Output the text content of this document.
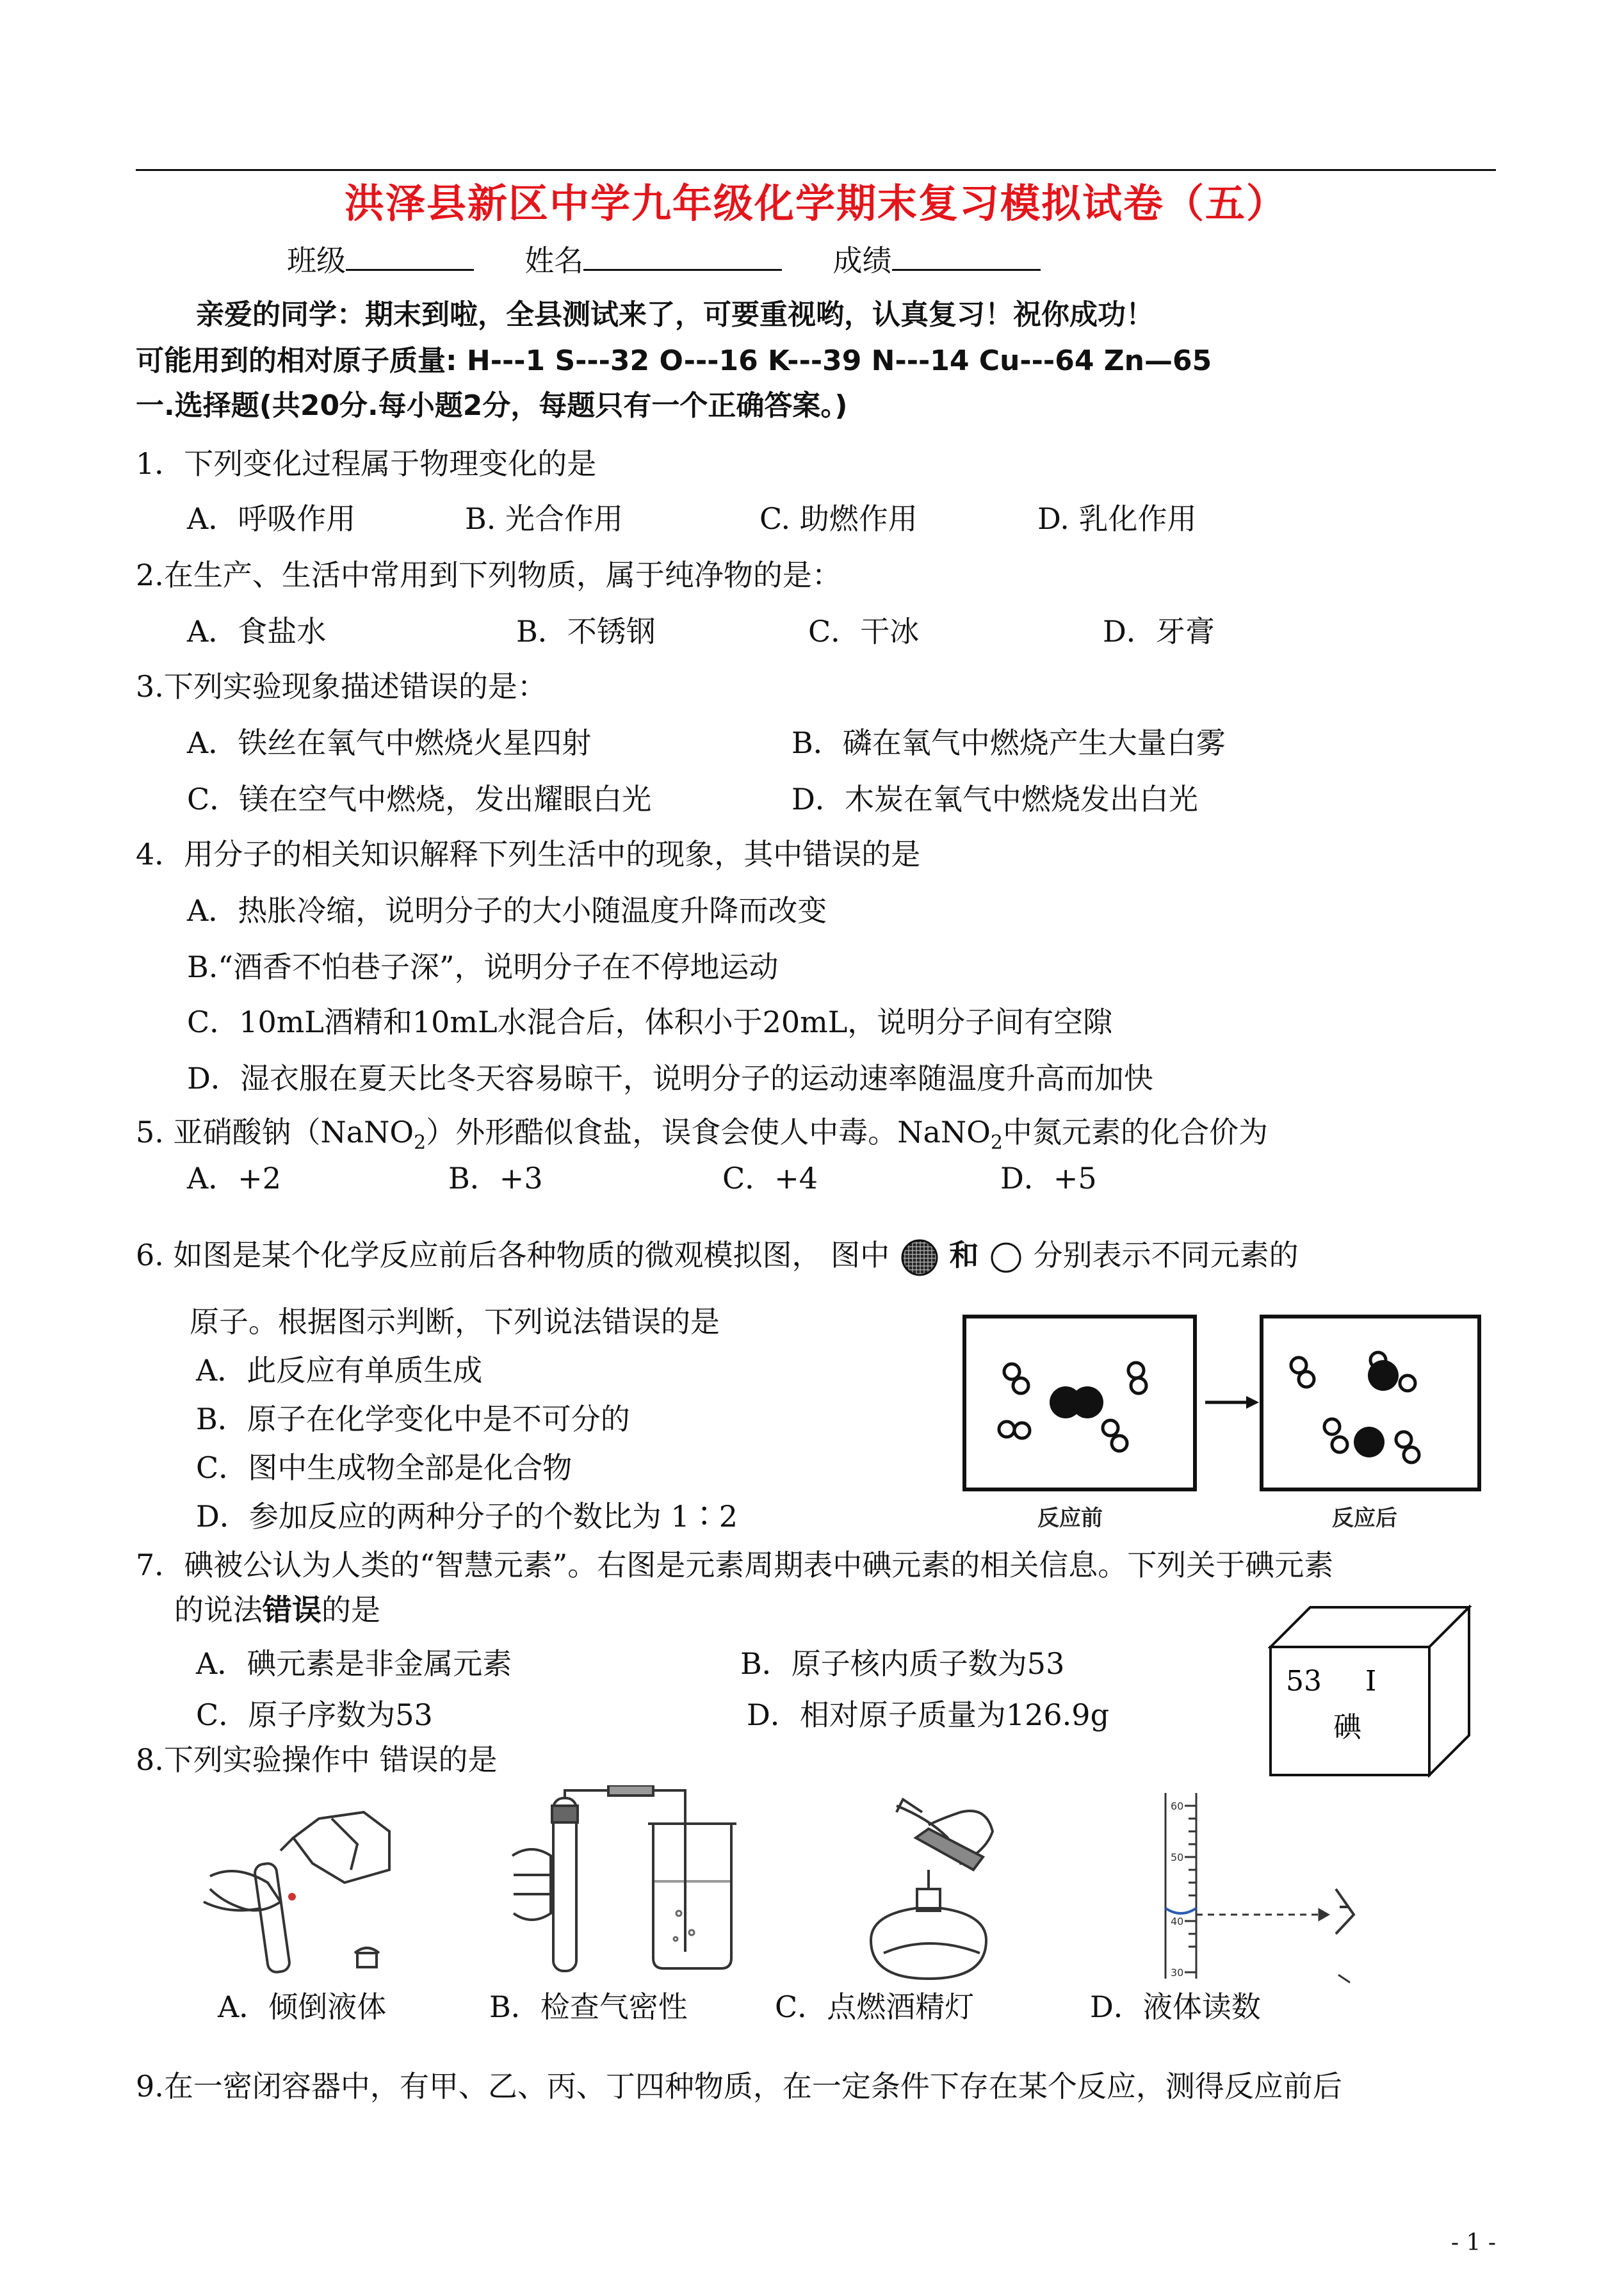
洪泽县新区中学九年级化学期末复习模拟试卷（五）
班级	姓名	成绩
亲爱的同学：期末到啦，全县测试来了，可要重视哟，认真复习！祝你成功！
可能用到的相对原子质量: H---1 S---32 O---16 K---39 N---14 Cu---64 Zn—65
一.选择题(共20分.每小题2分，每题只有一个正确答案。)
1．下列变化过程属于物理变化的是
A．呼吸作用	B. 光合作用	C. 助燃作用	D. 乳化作用
2.在生产、生活中常用到下列物质，属于纯净物的是：
A．食盐水	B．不锈钢	C．干冰	D．牙膏
3.下列实验现象描述错误的是：
A．铁丝在氧气中燃烧火星四射	B．磷在氧气中燃烧产生大量白雾
C．镁在空气中燃烧，发出耀眼白光	D．木炭在氧气中燃烧发出白光
4．用分子的相关知识解释下列生活中的现象，其中错误的是
A．热胀冷缩，说明分子的大小随温度升降而改变
B.“酒香不怕巷子深”，说明分子在不停地运动
C．10mL酒精和10mL水混合后，体积小于20mL，说明分子间有空隙
D．湿衣服在夏天比冬天容易晾干，说明分子的运动速率随温度升高而加快
5. 亚硝酸钠（NaNO$_2$）外形酷似食盐，误食会使人中毒。NaNO$_2$中氮元素的化合价为
A．+2	B．+3	C．+4	D．+5
6. 如图是某个化学反应前后各种物质的微观模拟图， 图中 和 分别表示不同元素的
原子。根据图示判断，下列说法错误的是
A．此反应有单质生成
B．原子在化学变化中是不可分的
C．图中生成物全部是化合物
D．参加反应的两种分子的个数比为 1∶2	反应前	反应后
7．碘被公认为人类的“智慧元素”。右图是元素周期表中碘元素的相关信息。下列关于碘元素
的说法错误的是
A．碘元素是非金属元素	B．原子核内质子数为53
C．原子序数为53	D．相对原子质量为126.9g
53 I
碘
8.下列实验操作中 错误的是
60
50
40
30
A．倾倒液体	B．检查气密性	C．点燃酒精灯	D．液体读数
9.在一密闭容器中，有甲、乙、丙、丁四种物质，在一定条件下存在某个反应，测得反应前后
- 1 -
